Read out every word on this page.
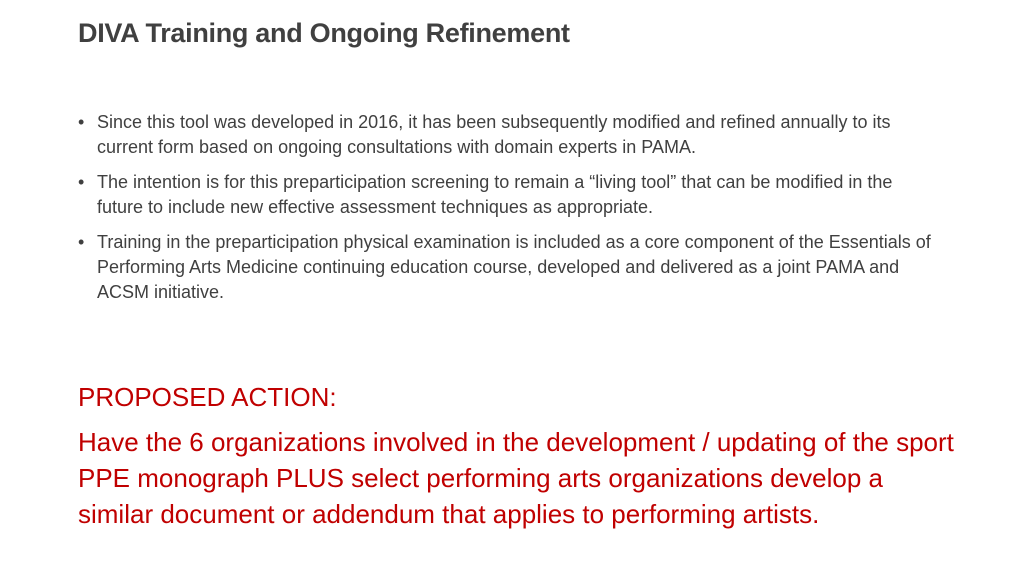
DIVA Training and Ongoing Refinement
• Since this tool was developed in 2016, it has been subsequently modified and refined annually to its current form based on ongoing consultations with domain experts in PAMA.
• The intention is for this preparticipation screening to remain a “living tool” that can be modified in the future to include new effective assessment techniques as appropriate.
• Training in the preparticipation physical examination is included as a core component of the Essentials of Performing Arts Medicine continuing education course, developed and delivered as a joint PAMA and ACSM initiative.
PROPOSED ACTION:
Have the 6 organizations involved in the development / updating of the sport PPE monograph PLUS select performing arts organizations develop a similar document or addendum that applies to performing artists.
